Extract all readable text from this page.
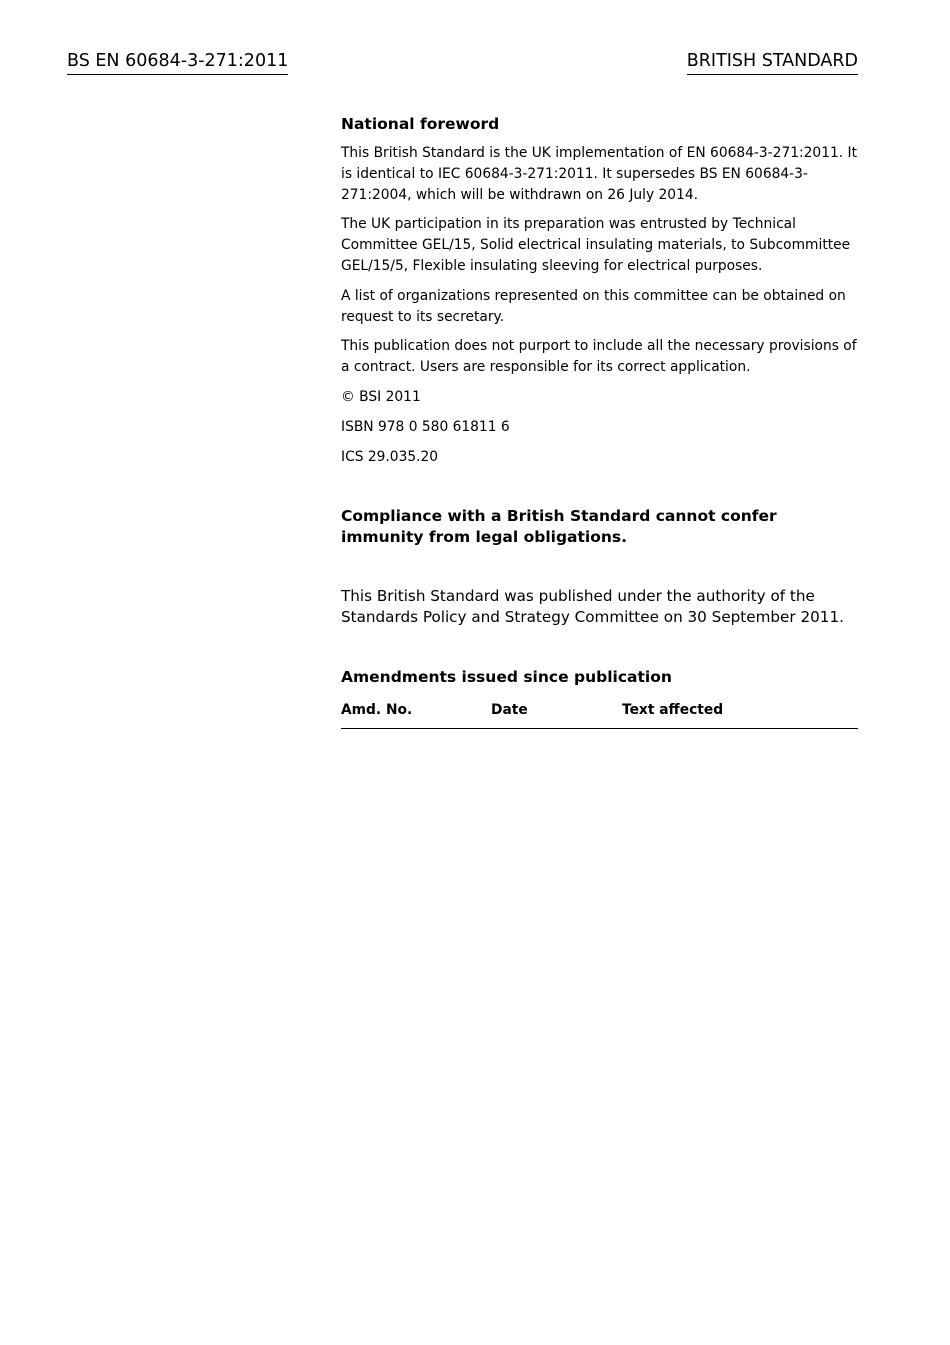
BS EN 60684-3-271:2011	BRITISH STANDARD
National foreword
This British Standard is the UK implementation of EN 60684-3-271:2011. It is identical to IEC 60684-3-271:2011. It supersedes BS EN 60684-3-271:2004, which will be withdrawn on 26 July 2014.
The UK participation in its preparation was entrusted by Technical Committee GEL/15, Solid electrical insulating materials, to Subcommittee GEL/15/5, Flexible insulating sleeving for electrical purposes.
A list of organizations represented on this committee can be obtained on request to its secretary.
This publication does not purport to include all the necessary provisions of a contract. Users are responsible for its correct application.
© BSI 2011
ISBN 978 0 580 61811 6
ICS 29.035.20
Compliance with a British Standard cannot confer immunity from legal obligations.
This British Standard was published under the authority of the Standards Policy and Strategy Committee on 30 September 2011.
Amendments issued since publication
Amd. No.	Date	Text affected
